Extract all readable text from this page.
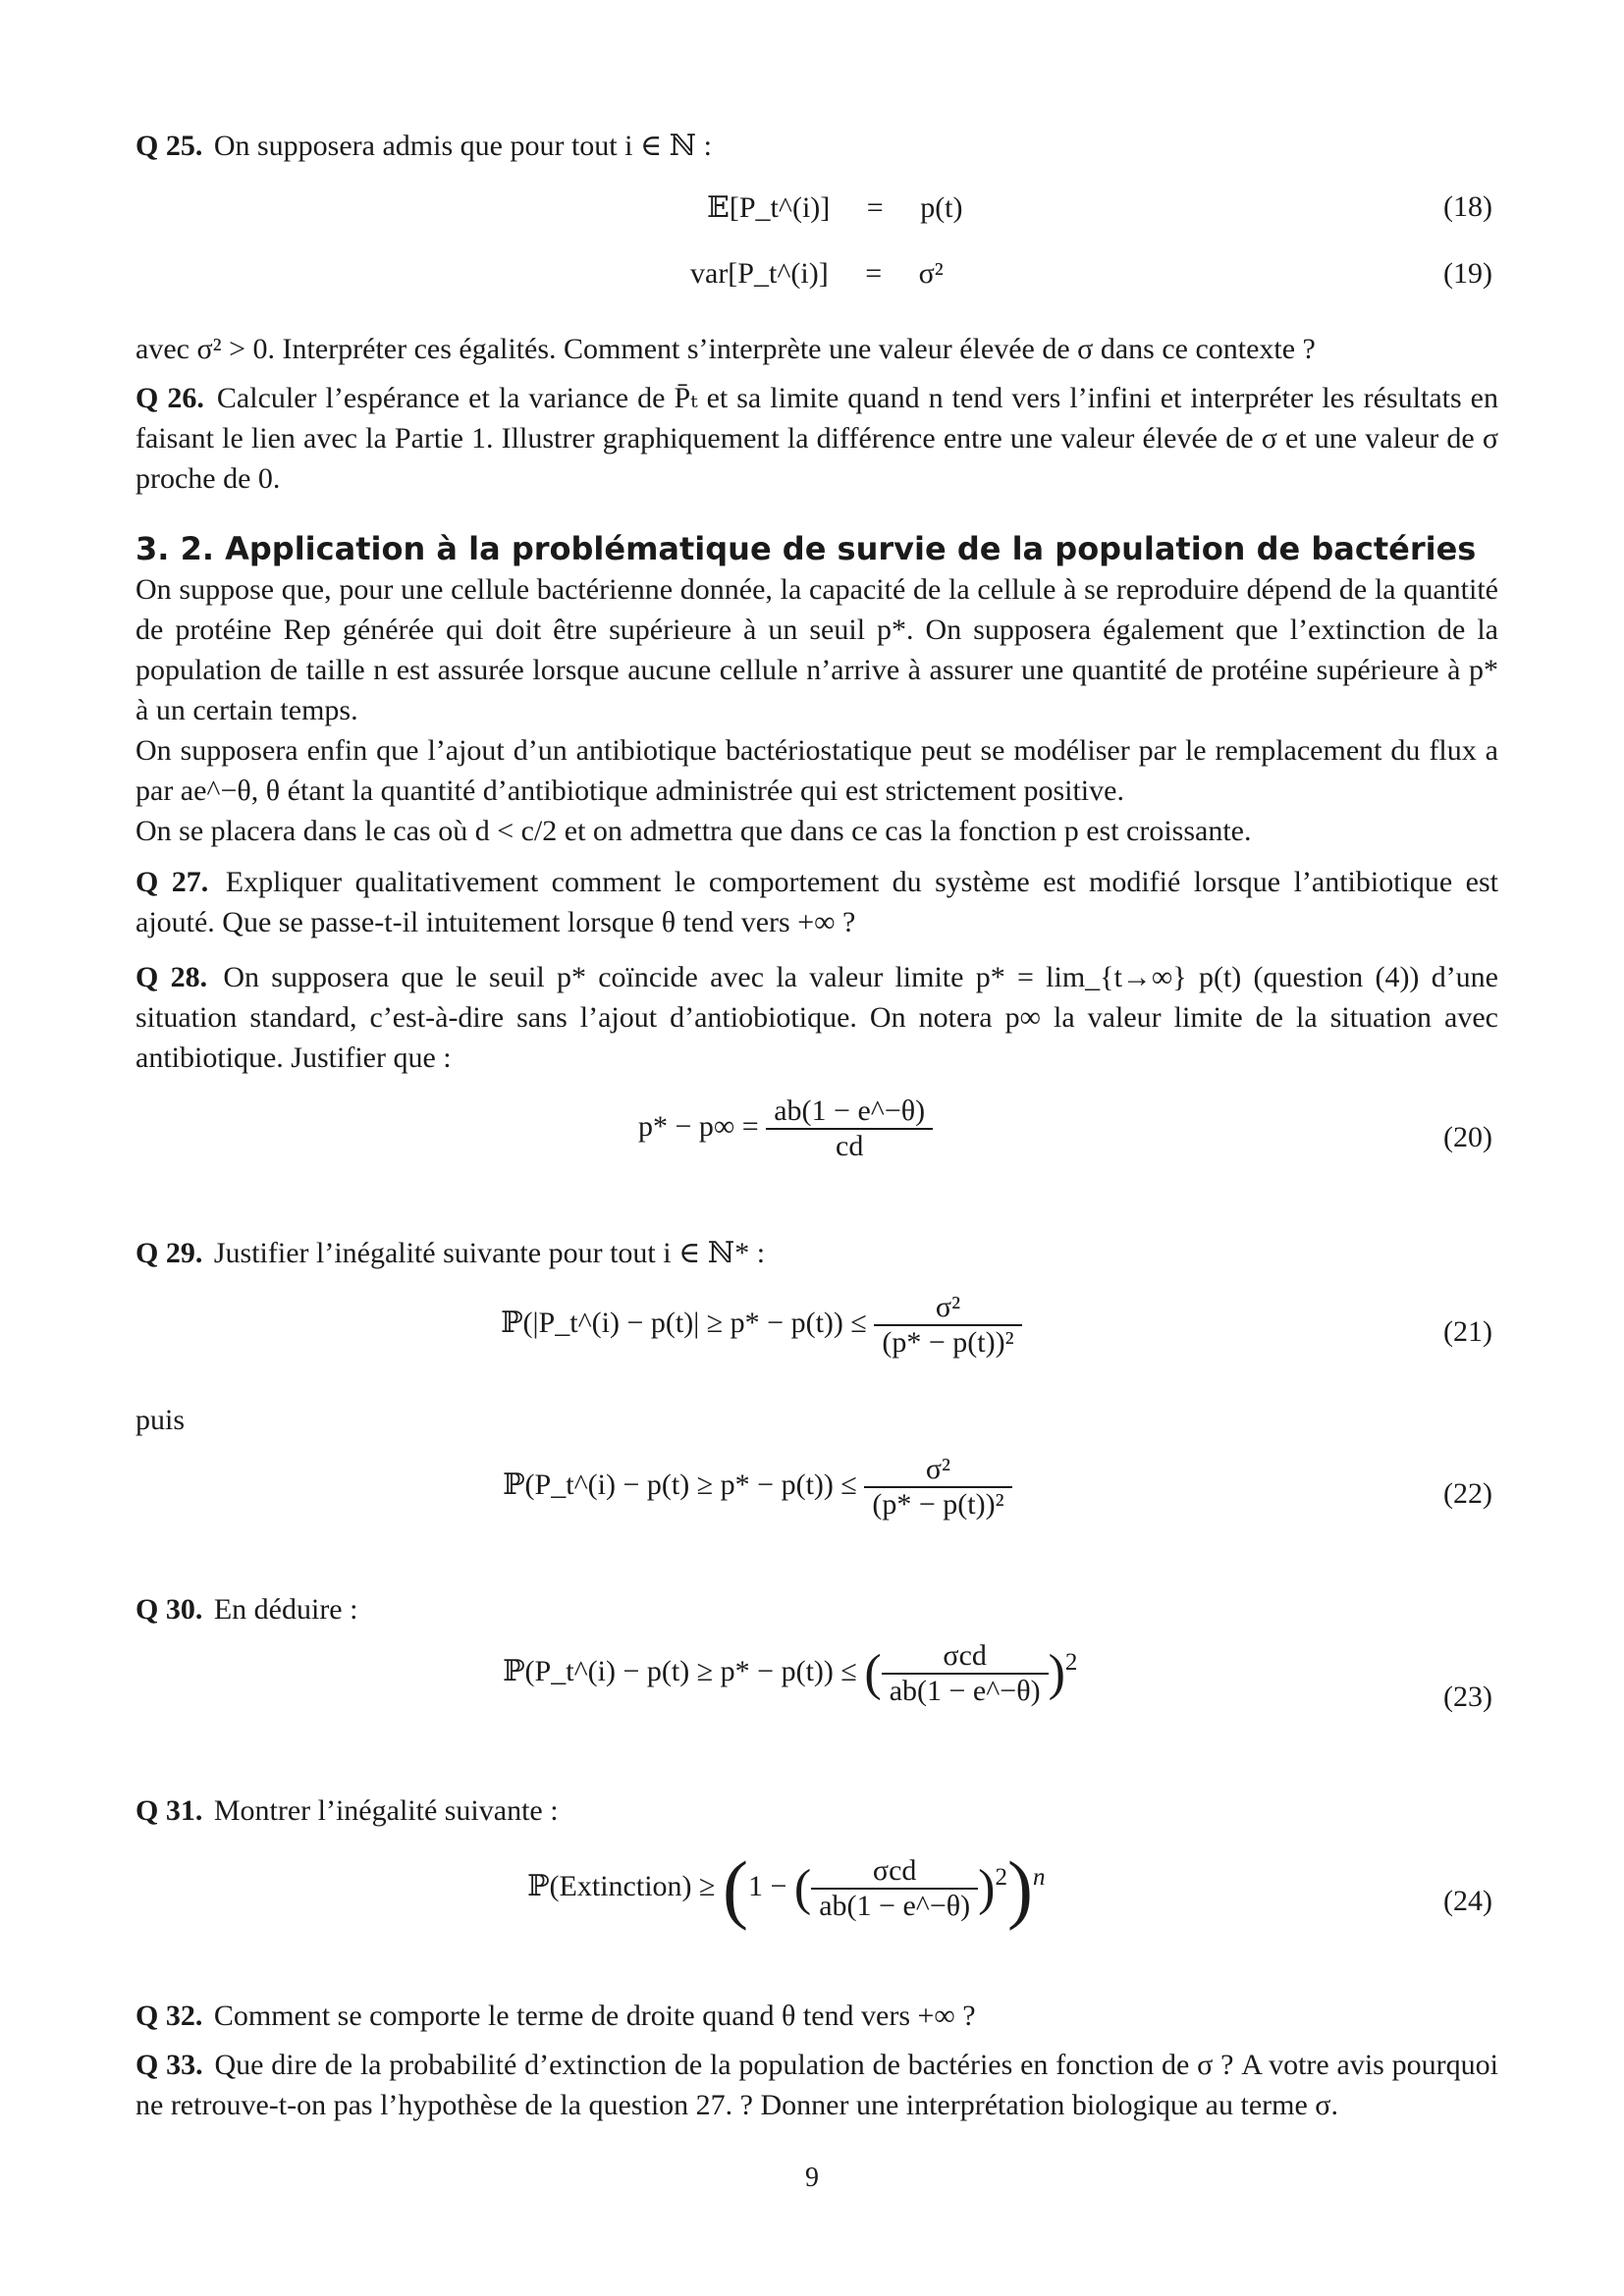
Q 25. On supposera admis que pour tout i ∈ ℕ :
𝔼[P_t^(i)] = p(t)	(18)
var[P_t^(i)] = σ²	(19)
avec σ² > 0. Interpréter ces égalités. Comment s’interprète une valeur élevée de σ dans ce contexte ?
Q 26. Calculer l’espérance et la variance de P̄ₜ et sa limite quand n tend vers l’infini et interpréter les résultats en faisant le lien avec la Partie 1. Illustrer graphiquement la différence entre une valeur élevée de σ et une valeur de σ proche de 0.
3. 2. Application à la problématique de survie de la population de bactéries
On suppose que, pour une cellule bactérienne donnée, la capacité de la cellule à se reproduire dépend de la quantité de protéine Rep générée qui doit être supérieure à un seuil p*. On supposera également que l’extinction de la population de taille n est assurée lorsque aucune cellule n’arrive à assurer une quantité de protéine supérieure à p* à un certain temps.
On supposera enfin que l’ajout d’un antibiotique bactériostatique peut se modéliser par le remplacement du flux a par ae^−θ, θ étant la quantité d’antibiotique administrée qui est strictement positive.
On se placera dans le cas où d < c/2 et on admettra que dans ce cas la fonction p est croissante.
Q 27. Expliquer qualitativement comment le comportement du système est modifié lorsque l’antibiotique est ajouté. Que se passe-t-il intuitement lorsque θ tend vers +∞ ?
Q 28. On supposera que le seuil p* coïncide avec la valeur limite p* = lim_{t→∞} p(t) (question (4)) d’une situation standard, c’est-à-dire sans l’ajout d’antiobiotique. On notera p∞ la valeur limite de la situation avec antibiotique. Justifier que :
$p* - p\infty = \frac{ab(1 - e\^{}-\theta)}{cd}$	(20)
Q 29. Justifier l’inégalité suivante pour tout i ∈ ℕ* :
ℙ(|P_t^(i) − $p(t)| \ge p* - p(t)) \le \frac{\text{σ²}}{\text{(p* − p(t))²}}$	(21)
puis
ℙ(P_t^(i) − $p(t) \ge p* - p(t)) \le \frac{\text{σ²}}{\text{(p* − p(t))²}}$	(22)
Q 30. En déduire :
ℙ(P_t^(i) − p(t) ≥ p* − p(t)) ≤ ( $\frac{\text{σcd}}{ab(1 - e\^{}-\theta)} )^2$
(23)
Q 31. Montrer l’inégalité suivante :
ℙ(Extinction) ≥ (1 − ( $\frac{\text{σcd}}{ab(1 - e\^{}-\theta)} )^2)^n$
(24)
Q 32. Comment se comporte le terme de droite quand θ tend vers +∞ ?
Q 33. Que dire de la probabilité d’extinction de la population de bactéries en fonction de σ ? A votre avis pourquoi ne retrouve-t-on pas l’hypothèse de la question 27. ? Donner une interprétation biologique au terme σ.
9
